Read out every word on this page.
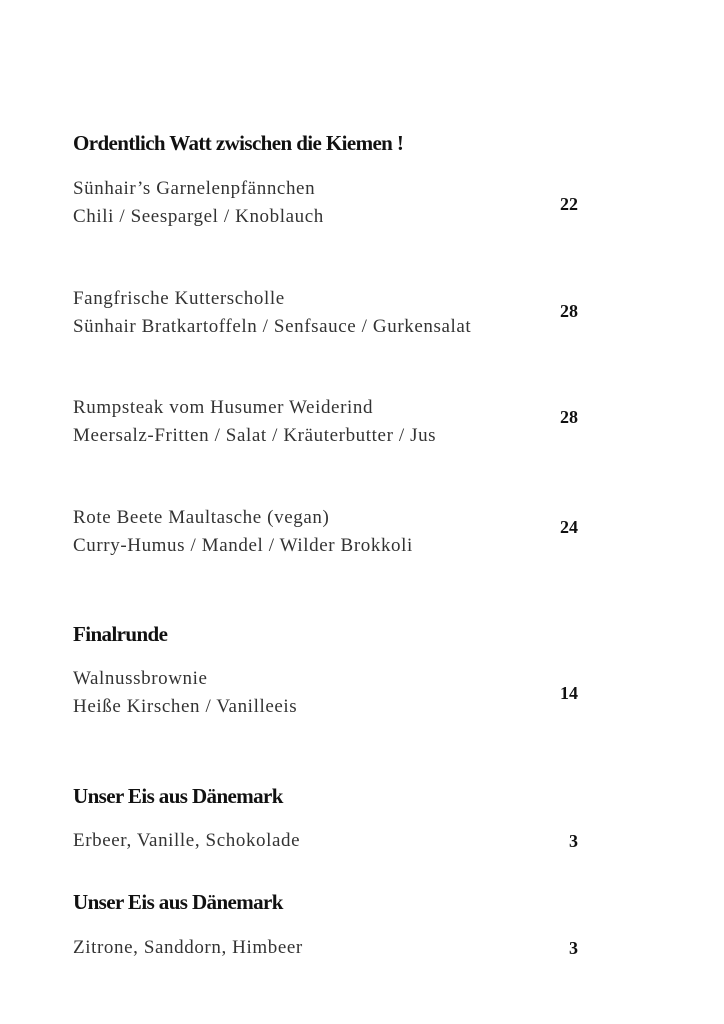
Ordentlich Watt zwischen die Kiemen !
Sünhair’s Garnelenpfännchen
Chili / Seespargel / Knoblauch
22
Fangfrische Kutterscholle
Sünhair Bratkartoffeln / Senfsauce / Gurkensalat
28
Rumpsteak vom Husumer Weiderind
Meersalz-Fritten / Salat / Kräuterbutter / Jus
28
Rote Beete Maultasche (vegan)
Curry-Humus / Mandel / Wilder Brokkoli
24
Finalrunde
Walnussbrownie
Heiße Kirschen / Vanilleeis
14
Unser Eis aus Dänemark
Erbeer, Vanille, Schokolade	3
Unser Eis aus Dänemark
Zitrone, Sanddorn, Himbeer	3
